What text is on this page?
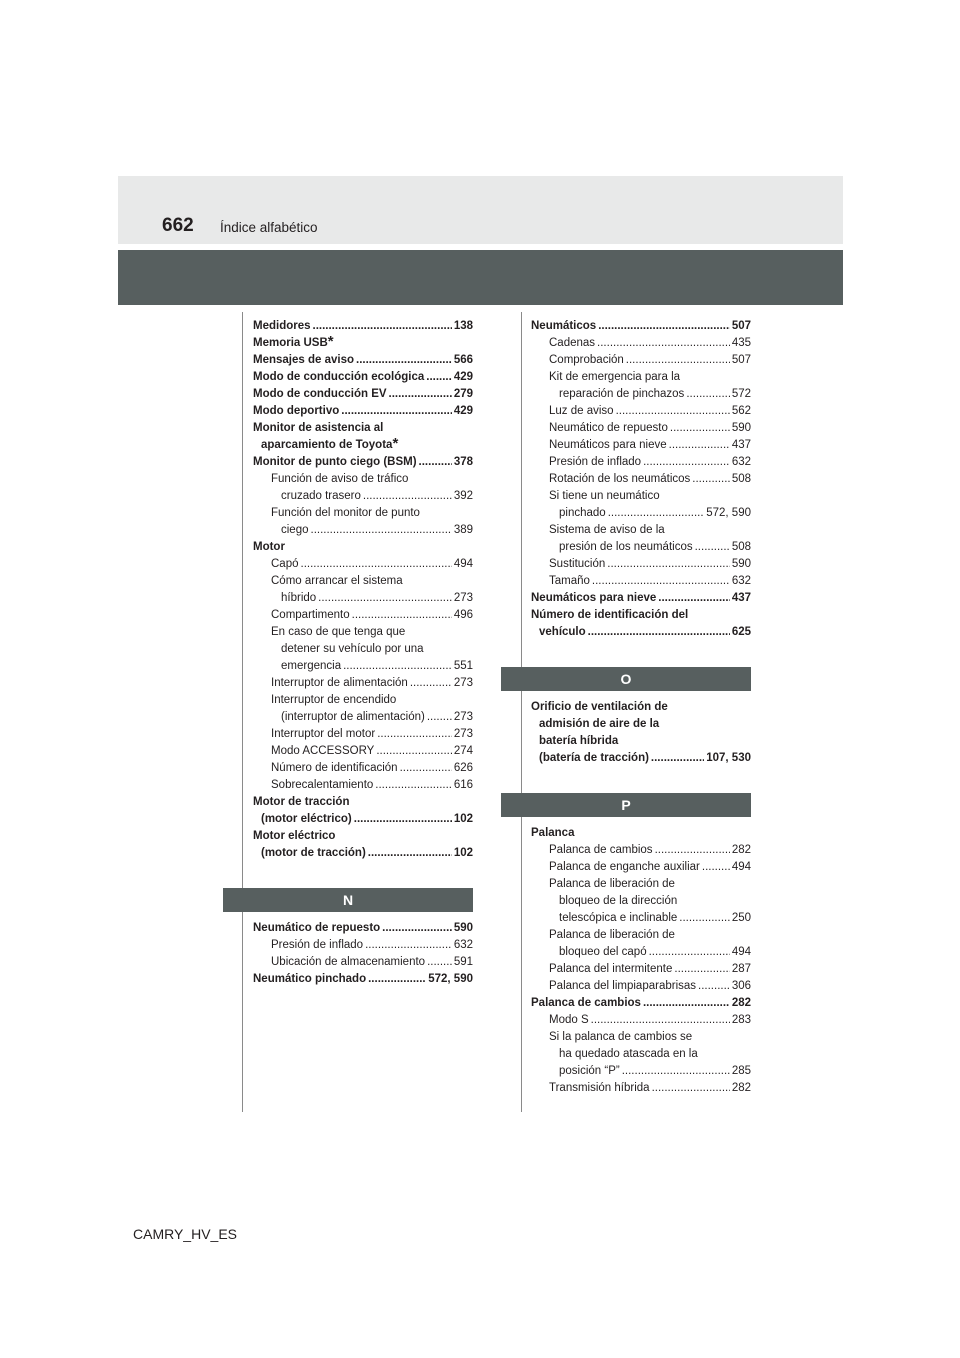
662 Índice alfabético
Medidores .....	138
Memoria USB *
Mensajes de aviso .....	566
Modo de conducción ecológica .....	429
Modo de conducción EV .....	279
Modo deportivo .....	429
Monitor de asistencia al
aparcamiento de Toyota *
Monitor de punto ciego (BSM) .....	378
Función de aviso de tráfico
cruzado trasero .....	392
Función del monitor de punto
ciego .....	389
Motor
Capó .....	494
Cómo arrancar el sistema
híbrido .....	273
Compartimento .....	496
En caso de que tenga que
detener su vehículo por una
emergencia .....	551
Interruptor de alimentación .....	273
Interruptor de encendido
(interruptor de alimentación) .....	273
Interruptor del motor .....	273
Modo ACCESSORY .....	274
Número de identificación .....	626
Sobrecalentamiento .....	616
Motor de tracción
(motor eléctrico) .....	102
Motor eléctrico
(motor de tracción) .....	102
N
Neumático de repuesto .....	590
Presión de inflado .....	632
Ubicación de almacenamiento .....	591
Neumático pinchado .....	572, 590
Neumáticos .....	507
Cadenas .....	435
Comprobación .....	507
Kit de emergencia para la
reparación de pinchazos .....	572
Luz de aviso .....	562
Neumático de repuesto .....	590
Neumáticos para nieve .....	437
Presión de inflado .....	632
Rotación de los neumáticos .....	508
Si tiene un neumático
pinchado .....	572, 590
Sistema de aviso de la
presión de los neumáticos .....	508
Sustitución .....	590
Tamaño .....	632
Neumáticos para nieve .....	437
Número de identificación del
vehículo .....	625
O
Orificio de ventilación de
admisión de aire de la
batería híbrida
(batería de tracción) .....	107, 530
P
Palanca
Palanca de cambios .....	282
Palanca de enganche auxiliar .....	494
Palanca de liberación de
bloqueo de la dirección
telescópica e inclinable .....	250
Palanca de liberación de
bloqueo del capó .....	494
Palanca del intermitente .....	287
Palanca del limpiaparabrisas .....	306
Palanca de cambios .....	282
Modo S .....	283
Si la palanca de cambios se
ha quedado atascada en la
posición “P” .....	285
Transmisión híbrida .....	282
CAMRY_HV_ES
